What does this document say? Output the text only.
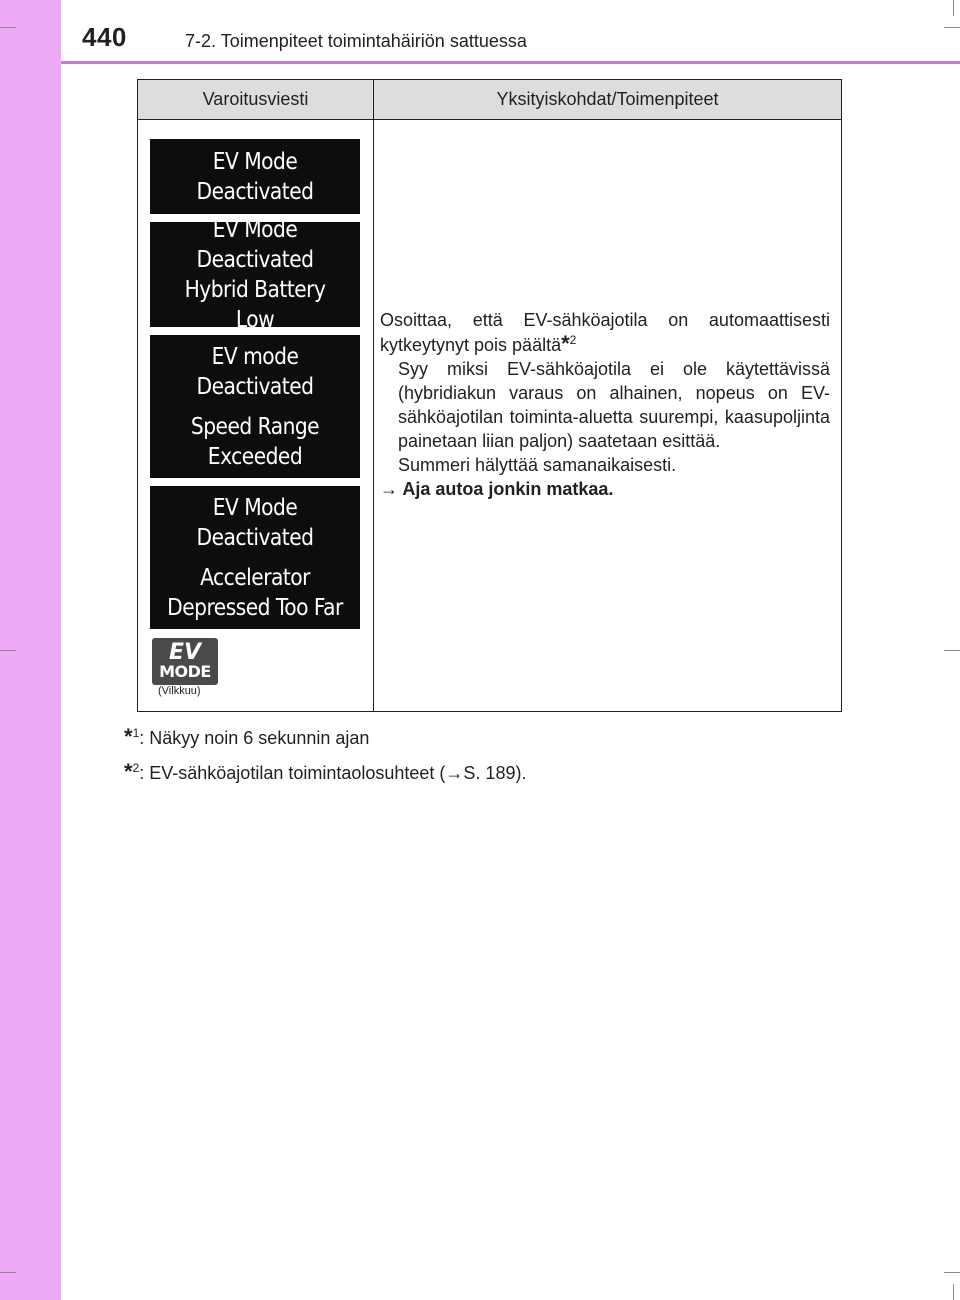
440	7-2. Toimenpiteet toimintahäiriön sattuessa
Varoitusviesti	Yksityiskohdat/Toimenpiteet
EV Mode
Deactivated
EV Mode
Deactivated
Hybrid Battery Low
EV mode
Deactivated
Speed Range
Exceeded
EV Mode
Deactivated
Accelerator
Depressed Too Far
EV
MODE
(Vilkkuu)

Osoittaa, että EV-sähköajotila on automaattisesti kytkeytynyt pois päältä*$^2$

Syy miksi EV-sähköajotila ei ole käytettävissä (hybridiakun varaus on alhainen, nopeus on EV-sähköajotilan toiminta-aluetta suurempi, kaasupoljinta painetaan liian paljon) saatetaan esittää.

Summeri hälyttää samanaikaisesti.

→ Aja autoa jonkin matkaa.

*$^1$: Näkyy noin 6 sekunnin ajan
*$^2$: EV-sähköajotilan toimintaolosuhteet (→S. 189).
